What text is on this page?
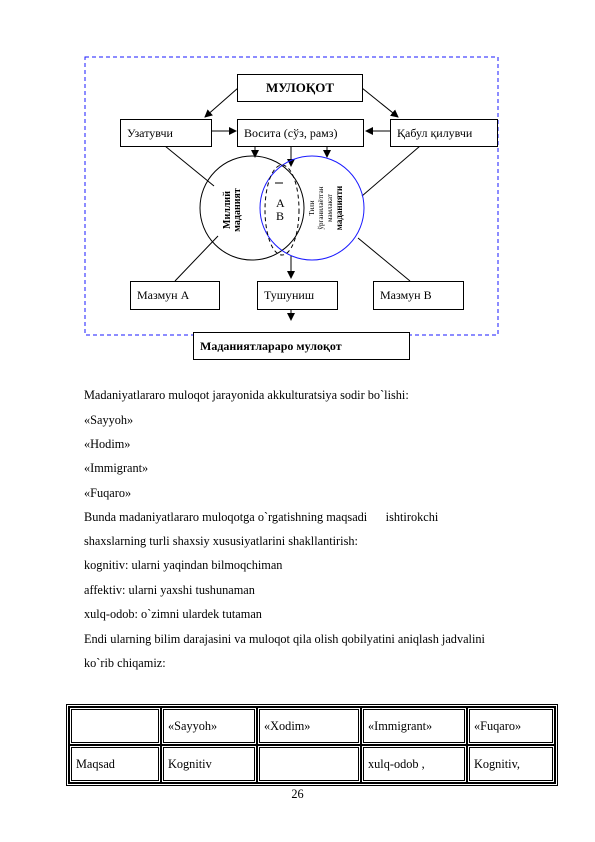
МУЛОҚОТ
Узатувчи	Восита (сўз, рамз)	Қабул қилувчи
Миллий маданият	Тили ўрганилаётган мамлакат маданияти
А
В
Мазмун А	Тушуниш	Мазмун В
Маданиятлараро мулоқот
Madaniyatlararo muloqot jarayonida akkulturatsiya sodir bo`lishi:
«Sayyoh»
«Hodim»
«Immigrant»
«Fuqaro»
Bunda madaniyatlararo muloqotga o`rgatishning maqsadi      ishtirokchi
shaxslarning turli shaxsiy xususiyatlarini shakllantirish:
kognitiv: ularni yaqindan bilmoqchiman
affektiv: ularni yaxshi tushunaman
xulq-odob: o`zimni ulardek tutaman
Endi ularning bilim darajasini va muloqot qila olish qobilyatini aniqlash jadvalini
ko`rib chiqamiz:
	«Sayyoh»	«Xodim»	«Immigrant»	«Fuqaro»
Maqsad	Kognitiv		xulq-odob ,	Kognitiv,
26
